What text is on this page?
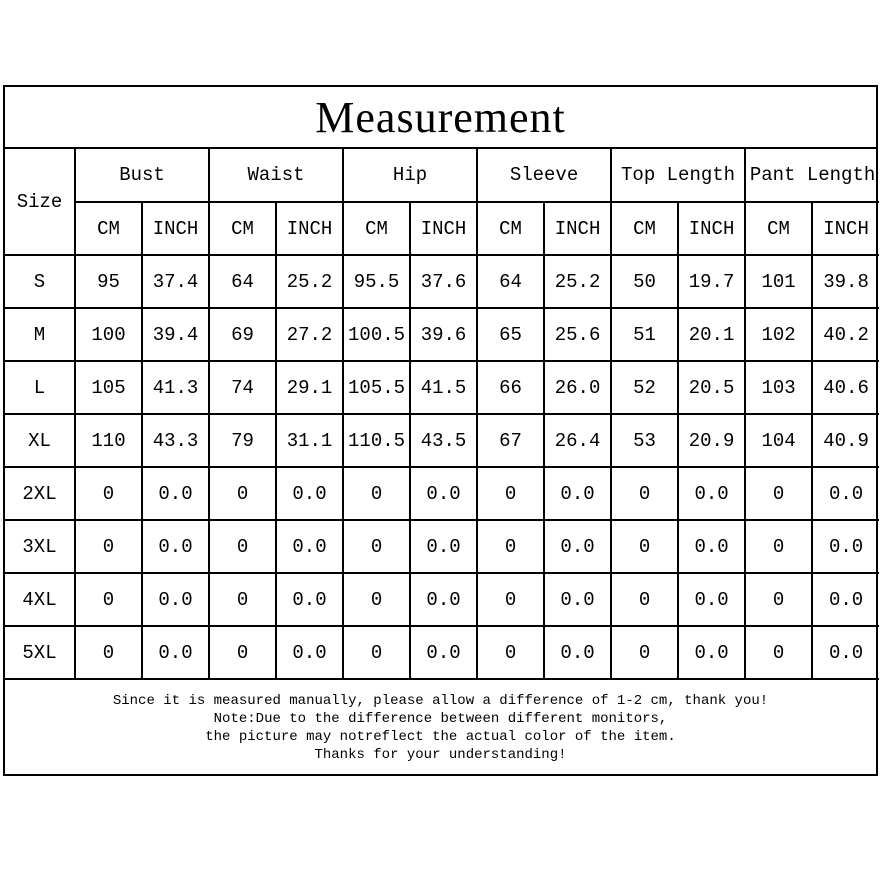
Measurement
Size	Bust		Waist		Hip		Sleeve		Top Length		Pant Length	
	CM	INCH	CM	INCH	CM	INCH	CM	INCH	CM	INCH	CM	INCH
S	95	37.4	64	25.2	95.5	37.6	64	25.2	50	19.7	101	39.8
M	100	39.4	69	27.2	100.5	39.6	65	25.6	51	20.1	102	40.2
L	105	41.3	74	29.1	105.5	41.5	66	26.0	52	20.5	103	40.6
XL	110	43.3	79	31.1	110.5	43.5	67	26.4	53	20.9	104	40.9
2XL	0	0.0	0	0.0	0	0.0	0	0.0	0	0.0	0	0.0
3XL	0	0.0	0	0.0	0	0.0	0	0.0	0	0.0	0	0.0
4XL	0	0.0	0	0.0	0	0.0	0	0.0	0	0.0	0	0.0
5XL	0	0.0	0	0.0	0	0.0	0	0.0	0	0.0	0	0.0
Since it is measured manually, please allow a difference of 1-2 cm, thank you!
Note:Due to the difference between different monitors,
the picture may notreflect the actual color of the item.
Thanks for your understanding!
